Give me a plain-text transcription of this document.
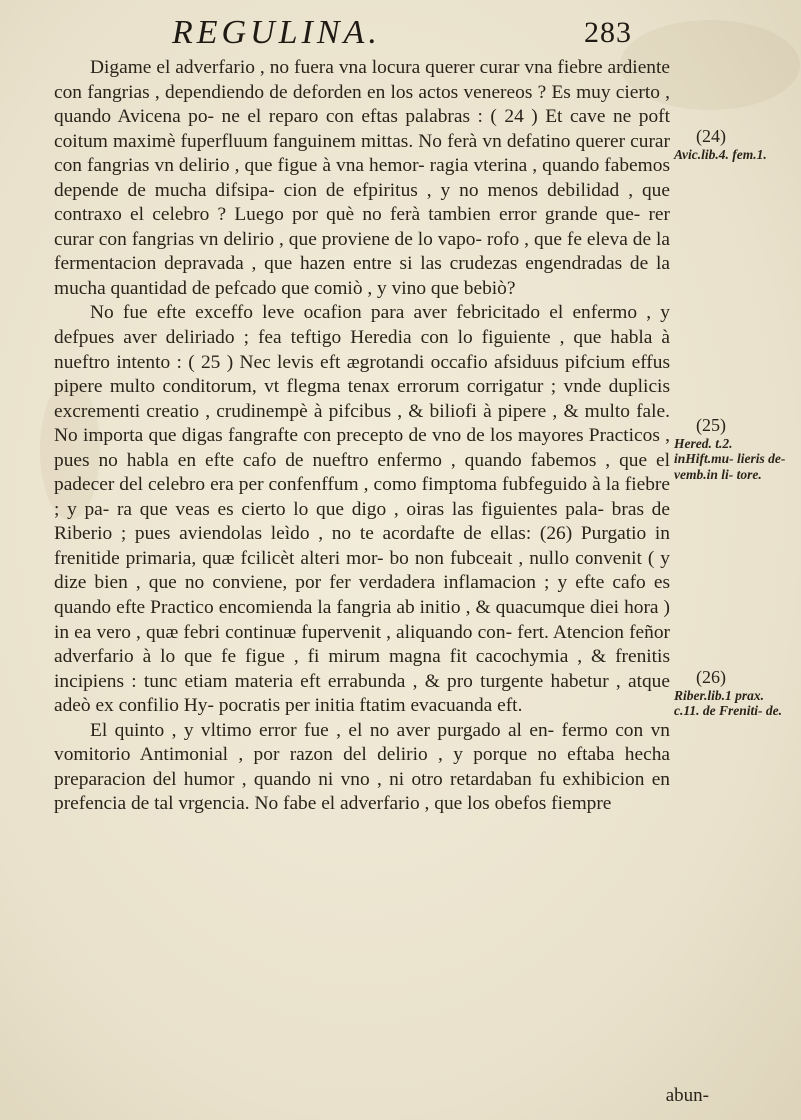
REGULINA.	283

Digame el adverfario , no fuera vna locura querer curar vna fiebre ardiente con fangrias , dependiendo de deforden en los actos venereos ? Es muy cierto , quando Avicena po- ne el reparo con eftas palabras : ( 24 ) Et cave ne poft coitum maximè fuperfluum fanguinem mittas. No ferà vn defatino querer curar con fangrias vn delirio , que figue à vna hemor- ragia vterina , quando fabemos depende de mucha difsipa- cion de efpiritus , y no menos debilidad , que contraxo el celebro ? Luego por què no ferà tambien error grande que- rer curar con fangrias vn delirio , que proviene de lo vapo- rofo , que fe eleva de la fermentacion depravada , que hazen entre si las crudezas engendradas de la mucha quantidad de pefcado que comiò , y vino que bebiò?

No fue efte exceffo leve ocafion para aver febricitado el enfermo , y defpues aver deliriado ; fea teftigo Heredia con lo figuiente , que habla à nueftro intento : ( 25 ) Nec levis eft ægrotandi occafio afsiduus pifcium effus pipere multo conditorum, vt flegma tenax errorum corrigatur ; vnde duplicis excrementi creatio , crudinempè à pifcibus , & biliofi à pipere , & multo fale. No importa que digas fangrafte con precepto de vno de los mayores Practicos , pues no habla en efte cafo de nueftro enfermo , quando fabemos , que el padecer del celebro era per confenffum , como fimptoma fubfeguido à la fiebre ; y pa- ra que veas es cierto lo que digo , oiras las figuientes pala- bras de Riberio ; pues aviendolas leìdo , no te acordafte de ellas: (26) Purgatio in frenitide primaria, quæ fcilicèt alteri mor- bo non fubceait , nullo convenit ( y dize bien , que no conviene, por fer verdadera inflamacion ; y efte cafo es quando efte Practico encomienda la fangria ab initio , & quacumque diei hora ) in ea vero , quæ febri continuæ fupervenit , aliquando con- fert. Atencion feñor adverfario à lo que fe figue , fi mirum magna fit cacochymia , & frenitis incipiens : tunc etiam materia eft errabunda , & pro turgente habetur , atque adeò ex confilio Hy- pocratis per initia ftatim evacuanda eft.

El quinto , y vltimo error fue , el no aver purgado al en- fermo con vn vomitorio Antimonial , por razon del delirio , y porque no eftaba hecha preparacion del humor , quando ni vno , ni otro retardaban fu exhibicion en prefencia de tal vrgencia. No fabe el adverfario , que los obefos fiempre

(24)
Avic.lib.4. fem.1.
(25)
Hered. t.2. inHift.mu- lieris de- vemb.in li- tore.
(26)
Riber.lib.1 prax. c.11. de Freniti- de.
abun-
